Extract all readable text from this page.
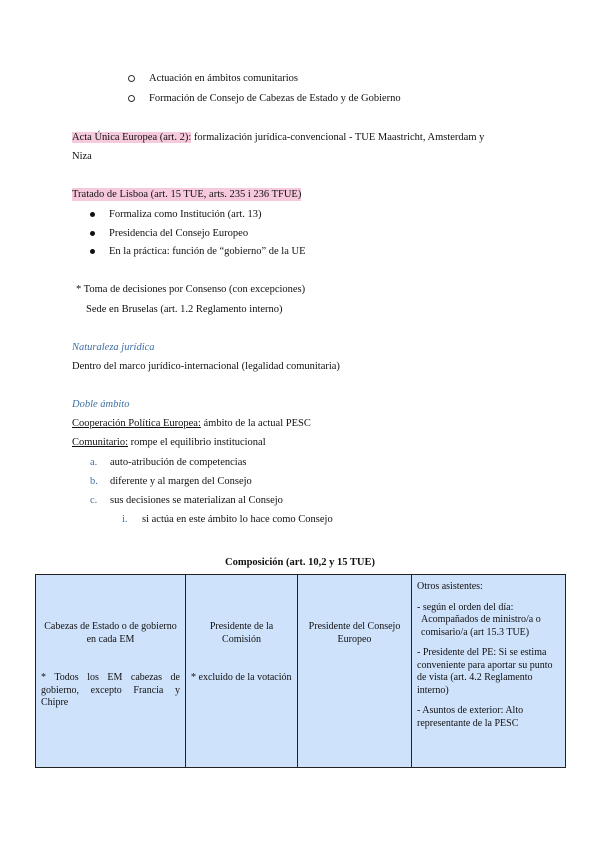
Actuación en ámbitos comunitarios
Formación de Consejo de Cabezas de Estado y de Gobierno
Acta Única Europea (art. 2): formalización jurídica-convencional - TUE Maastricht, Amsterdam y
Niza
Tratado de Lisboa (art. 15 TUE, arts. 235 i 236 TFUE)
Formaliza como Institución (art. 13)
Presidencia del Consejo Europeo
En la práctica: función de “gobierno” de la UE
* Toma de decisiones por Consenso (con excepciones)
Sede en Bruselas (art. 1.2 Reglamento interno)
Naturaleza jurídica
Dentro del marco jurídico-internacional (legalidad comunitaria)
Doble ámbito
Cooperación Política Europea: ámbito de la actual PESC
Comunitario: rompe el equilibrio institucional
a. auto-atribución de competencias
b. diferente y al margen del Consejo
c. sus decisiones se materializan al Consejo
i. si actúa en este ámbito lo hace como Consejo
Composición (art. 10,2 y 15 TUE)
Cabezas de Estado o de gobierno en cada EM
* Todos los EM cabezas de gobierno, excepto Francia y Chipre

Presidente de la Comisión
* excluido de la votación

Presidente del Consejo Europeo

Otros asistentes:
- según el orden del día:
Acompañados de ministro/a o comisario/a (art 15.3 TUE)
- Presidente del PE: Si se estima conveniente para aportar su punto de vista (art. 4.2 Reglamento interno)
- Asuntos de exterior: Alto representante de la PESC
